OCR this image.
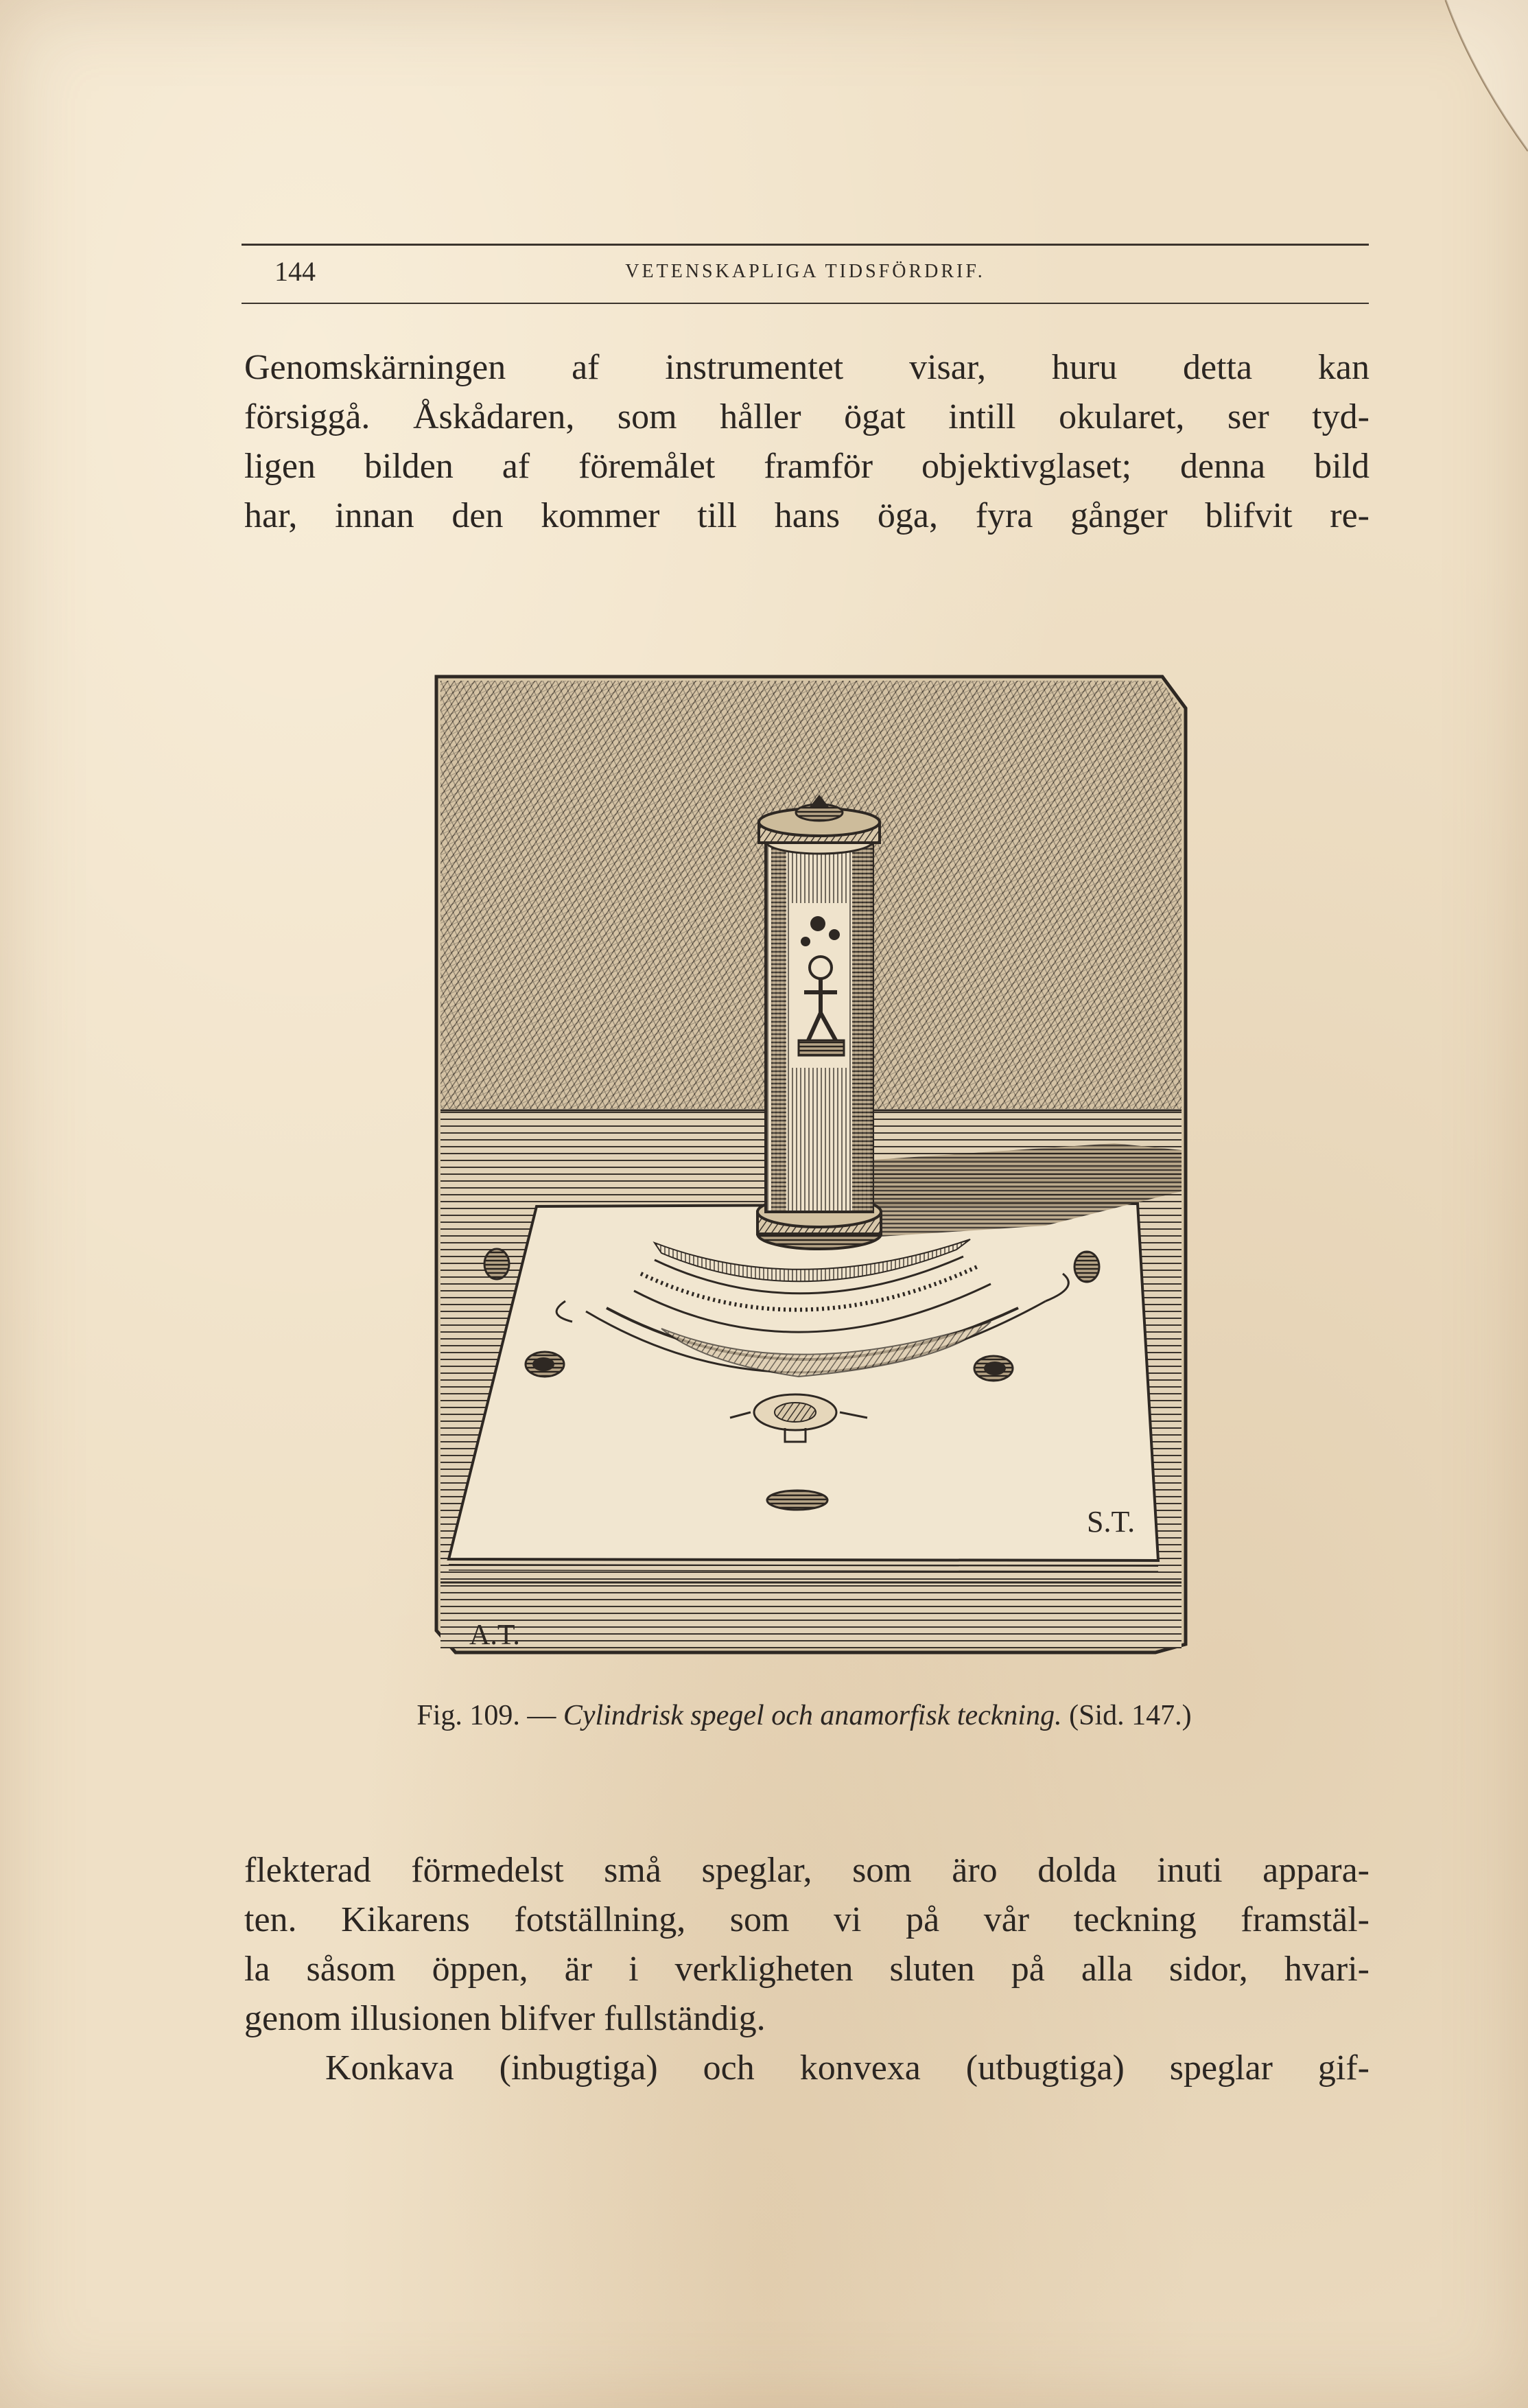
144	VETENSKAPLIGA TIDSFÖRDRIF.
Genomskärningen af instrumentet visar, huru detta kan
försiggå. Åskådaren, som håller ögat intill okularet, ser tyd-
ligen bilden af föremålet framför objektivglaset; denna bild
har, innan den kommer till hans öga, fyra gånger blifvit re-
A.T.
S.T.
Fig. 109. — Cylindrisk spegel och anamorfisk teckning. (Sid. 147.)
flekterad förmedelst små speglar, som äro dolda inuti appara-
ten. Kikarens fotställning, som vi på vår teckning framstäl-
la såsom öppen, är i verkligheten sluten på alla sidor, hvari-
genom illusionen blifver fullständig.
Konkava (inbugtiga) och konvexa (utbugtiga) speglar gif-
